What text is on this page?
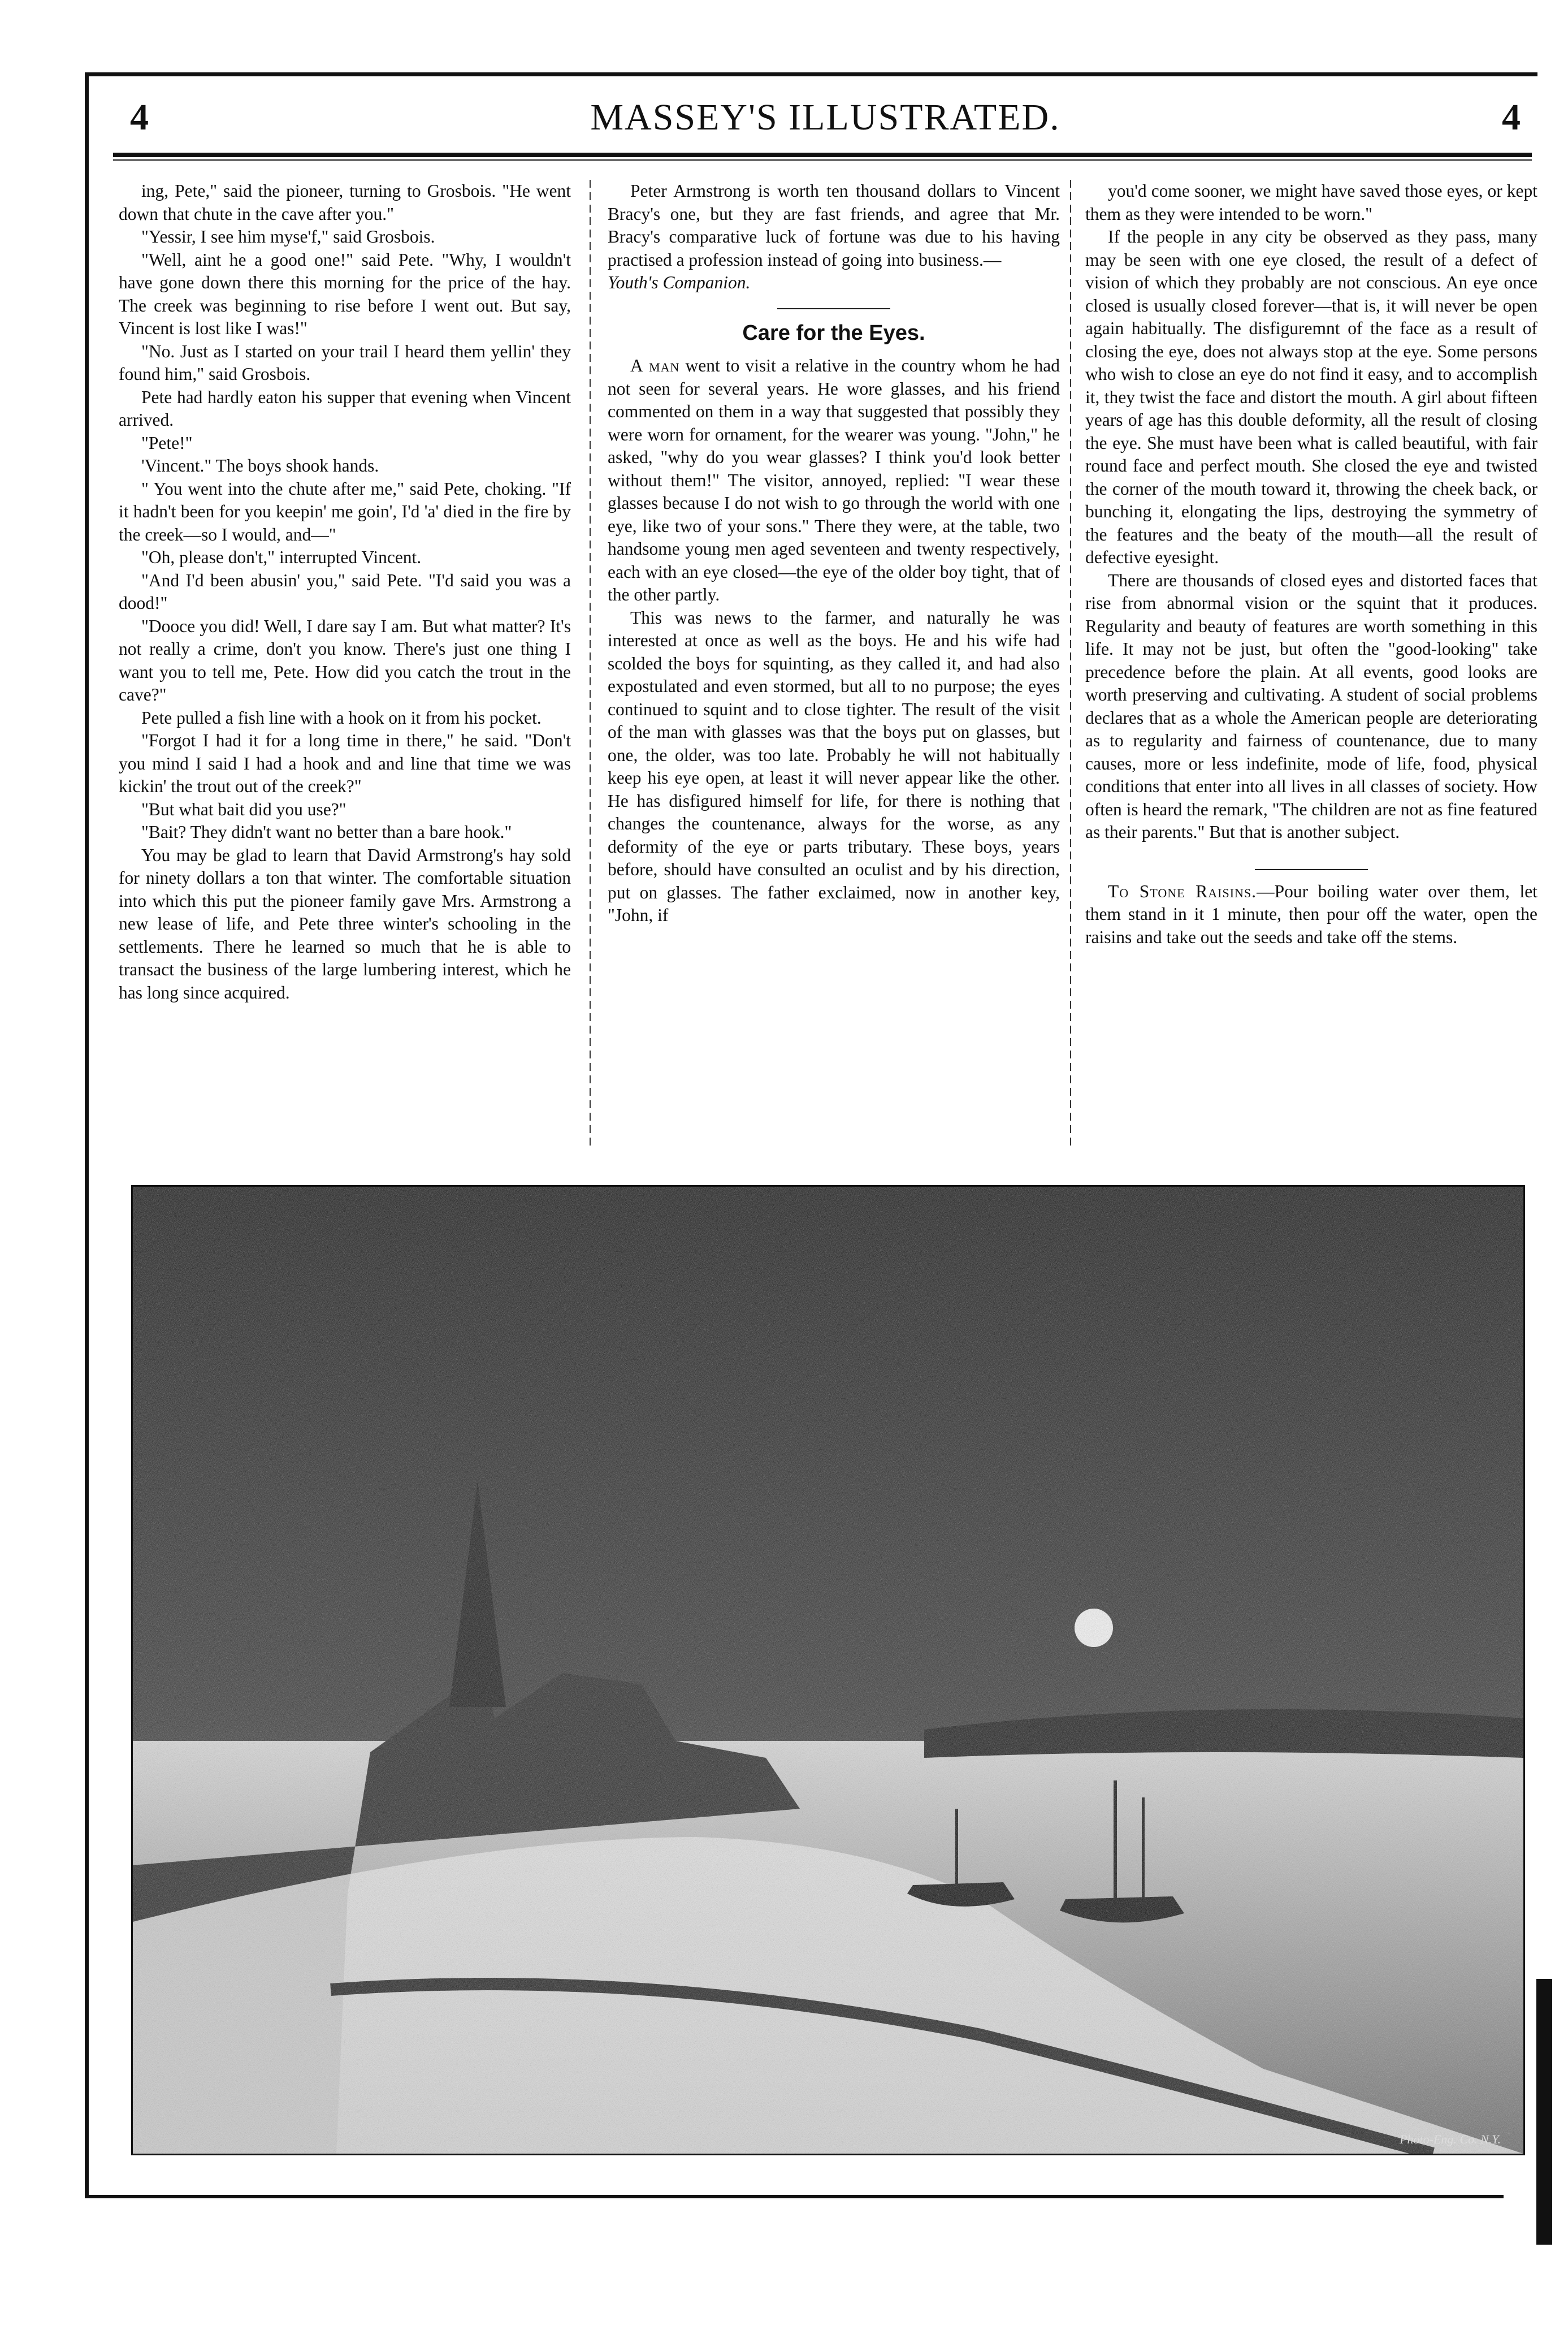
4	MASSEY'S ILLUSTRATED.	4

ing, Pete," said the pioneer, turning to Grosbois. "He went down that chute in the cave after you."

"Yessir, I see him myse'f," said Grosbois.

"Well, aint he a good one!" said Pete. "Why, I wouldn't have gone down there this morning for the price of the hay. The creek was beginning to rise before I went out. But say, Vincent is lost like I was!"

"No. Just as I started on your trail I heard them yellin' they found him," said Grosbois.

Pete had hardly eaton his supper that evening when Vincent arrived.

"Pete!"

'Vincent." The boys shook hands.

" You went into the chute after me," said Pete, choking. "If it hadn't been for you keepin' me goin', I'd 'a' died in the fire by the creek—so I would, and—"

"Oh, please don't," interrupted Vincent.

"And I'd been abusin' you," said Pete. "I'd said you was a dood!"

"Dooce you did! Well, I dare say I am. But what matter? It's not really a crime, don't you know. There's just one thing I want you to tell me, Pete. How did you catch the trout in the cave?"

Pete pulled a fish line with a hook on it from his pocket.

"Forgot I had it for a long time in there," he said. "Don't you mind I said I had a hook and and line that time we was kickin' the trout out of the creek?"

"But what bait did you use?"

"Bait? They didn't want no better than a bare hook."

You may be glad to learn that David Armstrong's hay sold for ninety dollars a ton that winter. The comfortable situation into which this put the pioneer family gave Mrs. Armstrong a new lease of life, and Pete three winter's schooling in the settlements. There he learned so much that he is able to transact the business of the large lumbering interest, which he has long since acquired.

Peter Armstrong is worth ten thousand dollars to Vincent Bracy's one, but they are fast friends, and agree that Mr. Bracy's comparative luck of fortune was due to his having practised a profession instead of going into business.—

Youth's Companion.

Care for the Eyes.

A man went to visit a relative in the country whom he had not seen for several years. He wore glasses, and his friend commented on them in a way that suggested that possibly they were worn for ornament, for the wearer was young. "John," he asked, "why do you wear glasses? I think you'd look better without them!" The visitor, annoyed, replied: "I wear these glasses because I do not wish to go through the world with one eye, like two of your sons." There they were, at the table, two handsome young men aged seventeen and twenty respectively, each with an eye closed—the eye of the older boy tight, that of the other partly.

This was news to the farmer, and naturally he was interested at once as well as the boys. He and his wife had scolded the boys for squinting, as they called it, and had also expostulated and even stormed, but all to no purpose; the eyes continued to squint and to close tighter. The result of the visit of the man with glasses was that the boys put on glasses, but one, the older, was too late. Probably he will not habitually keep his eye open, at least it will never appear like the other. He has disfigured himself for life, for there is nothing that changes the countenance, always for the worse, as any deformity of the eye or parts tributary. These boys, years before, should have consulted an oculist and by his direction, put on glasses. The father exclaimed, now in another key, "John, if

you'd come sooner, we might have saved those eyes, or kept them as they were intended to be worn."

If the people in any city be observed as they pass, many may be seen with one eye closed, the result of a defect of vision of which they probably are not conscious. An eye once closed is usually closed forever—that is, it will never be open again habitually. The disfiguremnt of the face as a result of closing the eye, does not always stop at the eye. Some persons who wish to close an eye do not find it easy, and to accomplish it, they twist the face and distort the mouth. A girl about fifteen years of age has this double deformity, all the result of closing the eye. She must have been what is called beautiful, with fair round face and perfect mouth. She closed the eye and twisted the corner of the mouth toward it, throwing the cheek back, or bunching it, elongating the lips, destroying the symmetry of the features and the beaty of the mouth—all the result of defective eyesight.

There are thousands of closed eyes and distorted faces that rise from abnormal vision or the squint that it produces. Regularity and beauty of features are worth something in this life. It may not be just, but often the "good-looking" take precedence before the plain. At all events, good looks are worth preserving and cultivating. A student of social problems declares that as a whole the American people are deteriorating as to regularity and fairness of countenance, due to many causes, more or less indefinite, mode of life, food, physical conditions that enter into all lives in all classes of society. How often is heard the remark, "The children are not as fine featured as their parents." But that is another subject.

To Stone Raisins.—Pour boiling water over them, let them stand in it 1 minute, then pour off the water, open the raisins and take out the seeds and take off the stems.

Photo-Eng. Co. N.Y.
